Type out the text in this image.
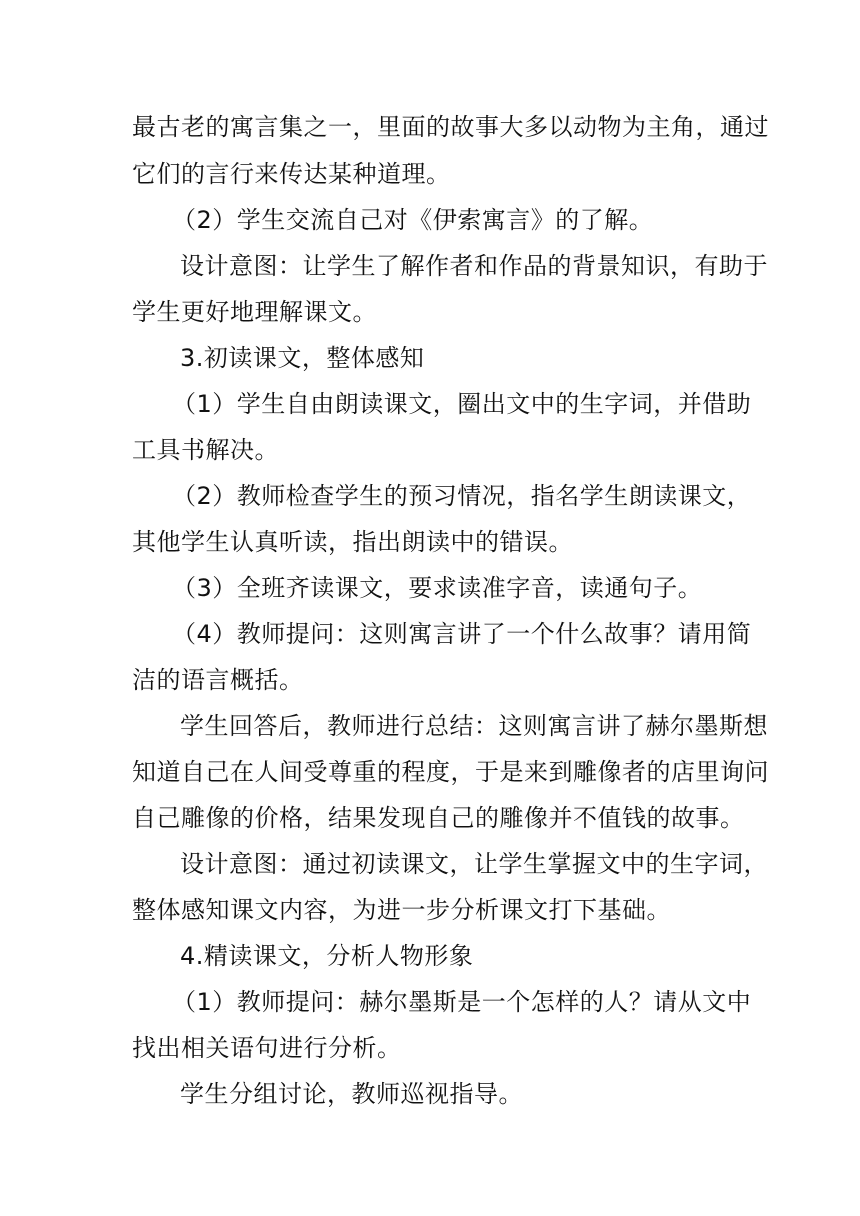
最古老的寓言集之一，里面的故事大多以动物为主角，通过
它们的言行来传达某种道理。
（2）学生交流自己对《伊索寓言》的了解。
设计意图：让学生了解作者和作品的背景知识，有助于
学生更好地理解课文。
3.初读课文，整体感知
（1）学生自由朗读课文，圈出文中的生字词，并借助
工具书解决。
（2）教师检查学生的预习情况，指名学生朗读课文，
其他学生认真听读，指出朗读中的错误。
（3）全班齐读课文，要求读准字音，读通句子。
（4）教师提问：这则寓言讲了一个什么故事？请用简
洁的语言概括。
学生回答后，教师进行总结：这则寓言讲了赫尔墨斯想
知道自己在人间受尊重的程度，于是来到雕像者的店里询问
自己雕像的价格，结果发现自己的雕像并不值钱的故事。
设计意图：通过初读课文，让学生掌握文中的生字词，
整体感知课文内容，为进一步分析课文打下基础。
4.精读课文，分析人物形象
（1）教师提问：赫尔墨斯是一个怎样的人？请从文中
找出相关语句进行分析。
学生分组讨论，教师巡视指导。
